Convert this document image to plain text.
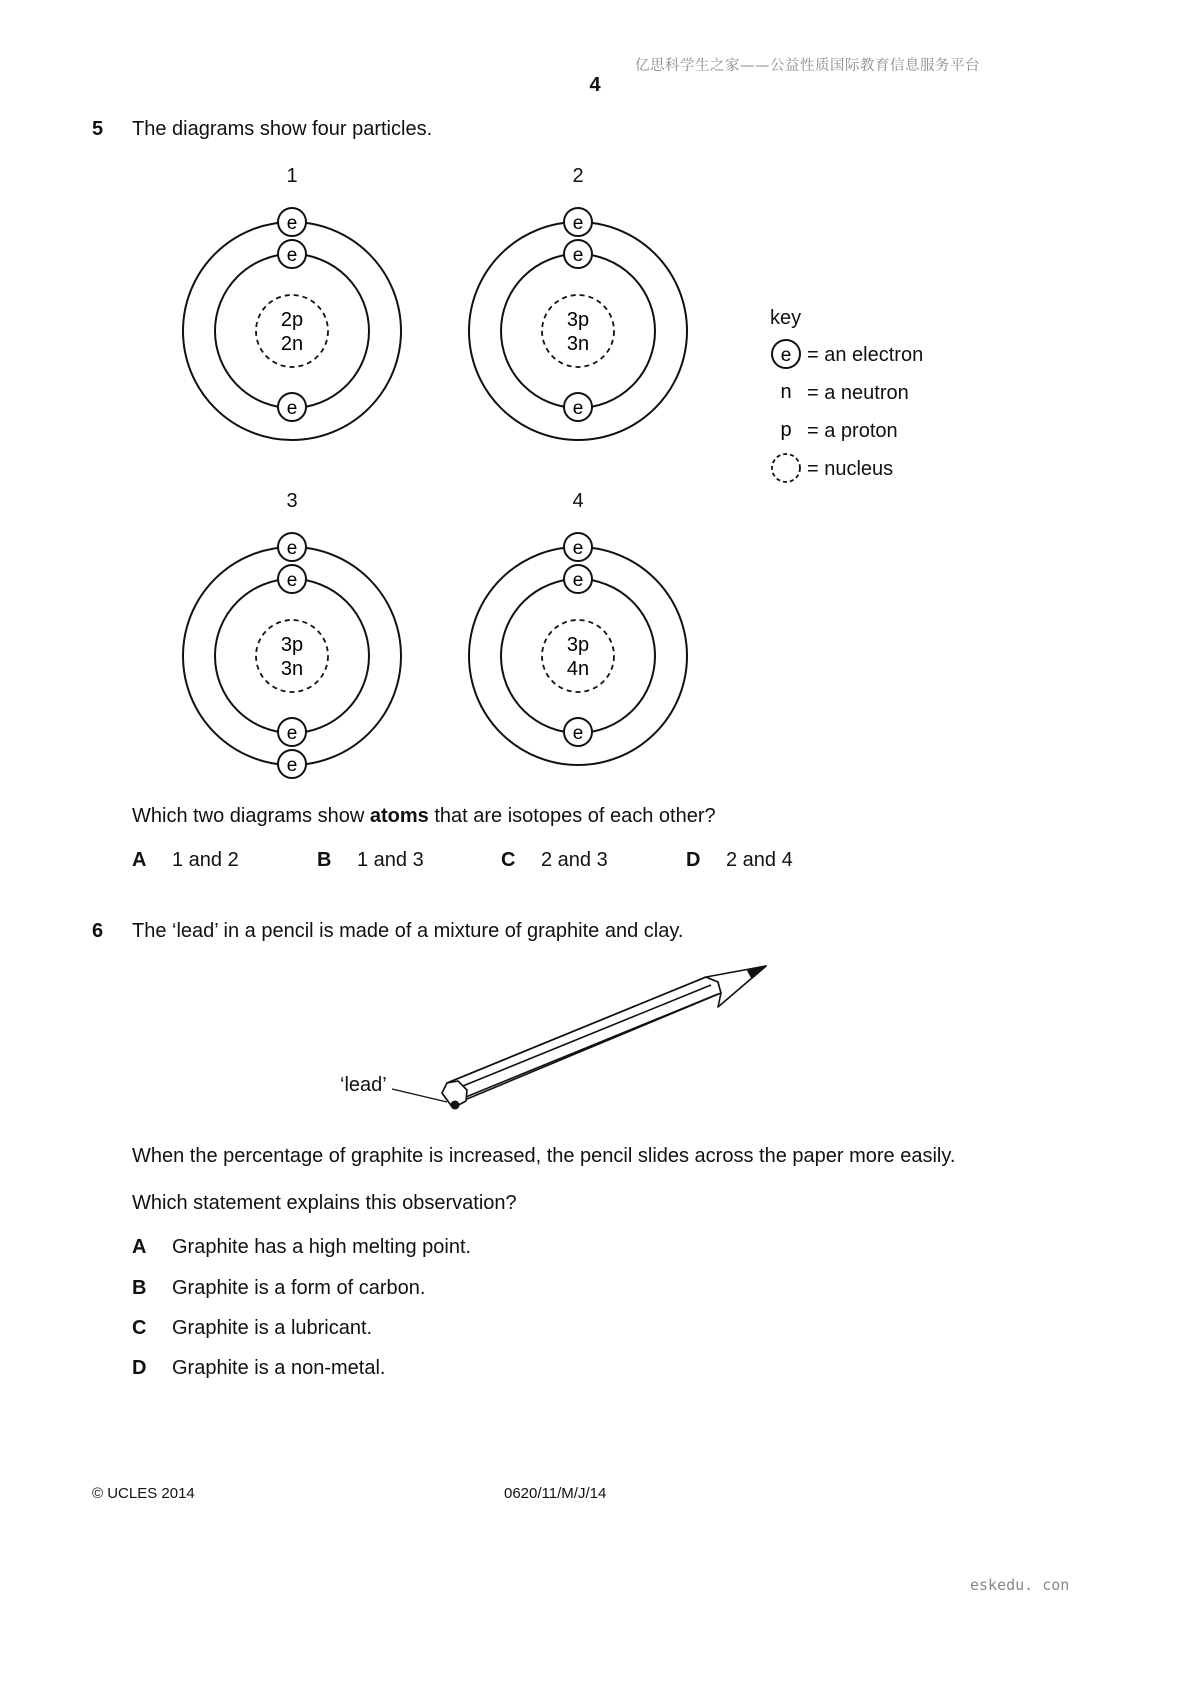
亿思科学生之家——公益性质国际教育信息服务平台
4
5 The diagrams show four particles.
1	2
3	4
2p
2n
e
e
e
3p
3n
e
e
e
3p
3n
e
e
e
e
3p
4n
e
e
e
e
n
p
key
= an electron
= a neutron
= a proton
= nucleus
Which two diagrams show atoms that are isotopes of each other?
A 1 and 2	B 1 and 3	C 2 and 3	D 2 and 4
6 The ‘lead’ in a pencil is made of a mixture of graphite and clay.
‘lead’
When the percentage of graphite is increased, the pencil slides across the paper more easily.
Which statement explains this observation?
A Graphite has a high melting point.
B Graphite is a form of carbon.
C Graphite is a lubricant.
D Graphite is a non-metal.
eskedu. con
© UCLES 2014	0620/11/M/J/14
